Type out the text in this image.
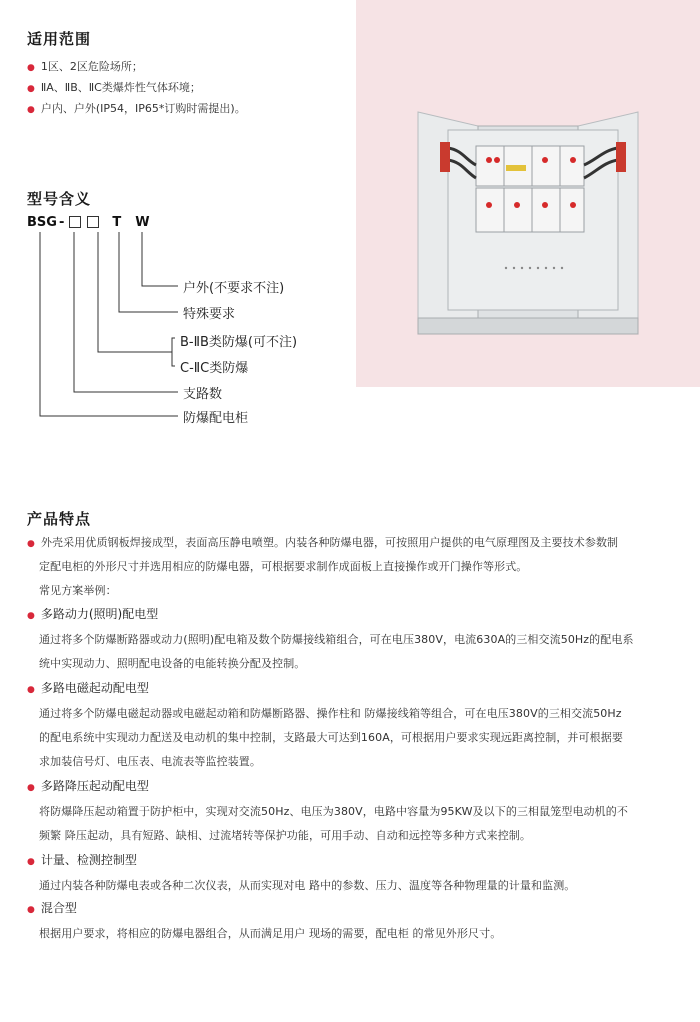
适用范围
● 1区、2区危险场所；
● ⅡA、ⅡB、ⅡC类爆炸性气体环境；
● 户内、户外(IP54，IP65*订购时需提出)。
型号含义
BSG -	T W
户外(不要求不注)
特殊要求
B-ⅡB类防爆(可不注)
C-ⅡC类防爆
支路数
防爆配电柜
产品特点
● 外壳采用优质钢板焊接成型，表面高压静电喷塑。内装各种防爆电器，可按照用户提供的电气原理图及主要技术参数制
定配电柜的外形尺寸并选用相应的防爆电器，可根据要求制作成面板上直接操作或开门操作等形式。
常见方案举例：
● 多路动力(照明)配电型
通过将多个防爆断路器或动力(照明)配电箱及数个防爆接线箱组合，可在电压380V，电流630A的三相交流50Hz的配电系
统中实现动力、照明配电设备的电能转换分配及控制。
● 多路电磁起动配电型
通过将多个防爆电磁起动器或电磁起动箱和防爆断路器、操作柱和 防爆接线箱等组合，可在电压380V的三相交流50Hz
的配电系统中实现动力配送及电动机的集中控制，支路最大可达到160A，可根据用户要求实现远距离控制，并可根据要
求加装信号灯、电压表、电流表等监控装置。
● 多路降压起动配电型
将防爆降压起动箱置于防护柜中，实现对交流50Hz、电压为380V，电路中容量为95KW及以下的三相鼠笼型电动机的不
频繁 降压起动，具有短路、缺相、过流堵转等保护功能，可用手动、自动和远控等多种方式来控制。
● 计量、检测控制型
通过内装各种防爆电表或各种二次仪表，从而实现对电 路中的参数、压力、温度等各种物理量的计量和监测。
● 混合型
根据用户要求，将相应的防爆电器组合，从而满足用户 现场的需要，配电柜 的常见外形尺寸。
